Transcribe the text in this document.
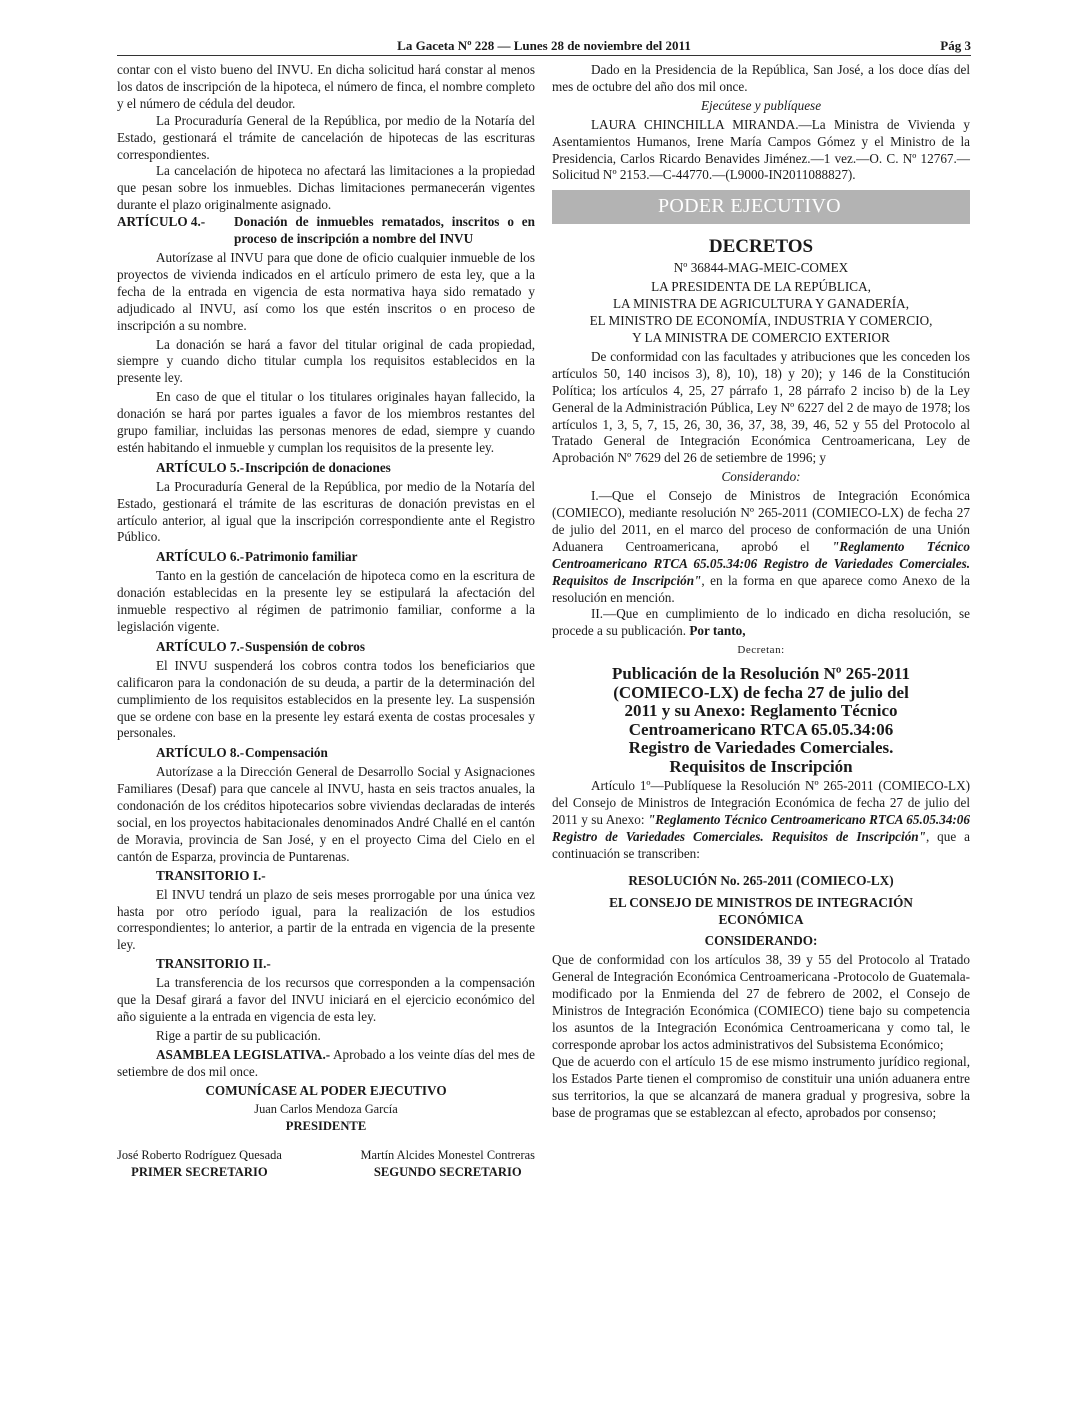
La Gaceta Nº 228 — Lunes 28 de noviembre del 2011	Pág 3

contar con el visto bueno del INVU. En dicha solicitud hará constar al menos los datos de inscripción de la hipoteca, el número de finca, el nombre completo y el número de cédula del deudor.

La Procuraduría General de la República, por medio de la Notaría del Estado, gestionará el trámite de cancelación de hipotecas de las escrituras correspondientes.

La cancelación de hipoteca no afectará las limitaciones a la propiedad que pesan sobre los inmuebles. Dichas limitaciones permanecerán vigentes durante el plazo originalmente asignado.

ARTÍCULO 4.-	Donación de inmuebles rematados, inscritos o en proceso de inscripción a nombre del INVU

Autorízase al INVU para que done de oficio cualquier inmueble de los proyectos de vivienda indicados en el artículo primero de esta ley, que a la fecha de la entrada en vigencia de esta normativa haya sido rematado y adjudicado al INVU, así como los que estén inscritos o en proceso de inscripción a su nombre.

La donación se hará a favor del titular original de cada propiedad, siempre y cuando dicho titular cumpla los requisitos establecidos en la presente ley.

En caso de que el titular o los titulares originales hayan fallecido, la donación se hará por partes iguales a favor de los miembros restantes del grupo familiar, incluidas las personas menores de edad, siempre y cuando estén habitando el inmueble y cumplan los requisitos de la presente ley.

ARTÍCULO 5.-Inscripción de donaciones

La Procuraduría General de la República, por medio de la Notaría del Estado, gestionará el trámite de las escrituras de donación previstas en el artículo anterior, al igual que la inscripción correspondiente ante el Registro Público.

ARTÍCULO 6.-Patrimonio familiar

Tanto en la gestión de cancelación de hipoteca como en la escritura de donación establecidas en la presente ley se estipulará la afectación del inmueble respectivo al régimen de patrimonio familiar, conforme a la legislación vigente.

ARTÍCULO 7.-Suspensión de cobros

El INVU suspenderá los cobros contra todos los beneficiarios que calificaron para la condonación de su deuda, a partir de la determinación del cumplimiento de los requisitos establecidos en la presente ley. La suspensión que se ordene con base en la presente ley estará exenta de costas procesales y personales.

ARTÍCULO 8.-Compensación

Autorízase a la Dirección General de Desarrollo Social y Asignaciones Familiares (Desaf) para que cancele al INVU, hasta en seis tractos anuales, la condonación de los créditos hipotecarios sobre viviendas declaradas de interés social, en los proyectos habitacionales denominados André Challé en el cantón de Moravia, provincia de San José, y en el proyecto Cima del Cielo en el cantón de Esparza, provincia de Puntarenas.

TRANSITORIO I.-

El INVU tendrá un plazo de seis meses prorrogable por una única vez hasta por otro período igual, para la realización de los estudios correspondientes; lo anterior, a partir de la entrada en vigencia de la presente ley.

TRANSITORIO II.-

La transferencia de los recursos que corresponden a la compensación que la Desaf girará a favor del INVU iniciará en el ejercicio económico del año siguiente a la entrada en vigencia de esta ley.

Rige a partir de su publicación.

ASAMBLEA LEGISLATIVA.- Aprobado a los veinte días del mes de setiembre de dos mil once.

COMUNÍCASE AL PODER EJECUTIVO

Juan Carlos Mendoza García

PRESIDENTE

José Roberto Rodríguez Quesada
PRIMER SECRETARIO
Martín Alcides Monestel Contreras
SEGUNDO SECRETARIO

Dado en la Presidencia de la República, San José, a los doce días del mes de octubre del año dos mil once.

Ejecútese y publíquese

LAURA CHINCHILLA MIRANDA.—La Ministra de Vivienda y Asentamientos Humanos, Irene María Campos Gómez y el Ministro de la Presidencia, Carlos Ricardo Benavides Jiménez.—1 vez.—O. C. Nº 12767.—Solicitud Nº 2153.—C-44770.—(L9000-IN2011088827).

PODER EJECUTIVO
DECRETOS

Nº 36844-MAG-MEIC-COMEX

LA PRESIDENTA DE LA REPÚBLICA,

LA MINISTRA DE AGRICULTURA Y GANADERÍA,

EL MINISTRO DE ECONOMÍA, INDUSTRIA Y COMERCIO,

Y LA MINISTRA DE COMERCIO EXTERIOR

De conformidad con las facultades y atribuciones que les conceden los artículos 50, 140 incisos 3), 8), 10), 18) y 20); y 146 de la Constitución Política; los artículos 4, 25, 27 párrafo 1, 28 párrafo 2 inciso b) de la Ley General de la Administración Pública, Ley Nº 6227 del 2 de mayo de 1978; los artículos 1, 3, 5, 7, 15, 26, 30, 36, 37, 38, 39, 46, 52 y 55 del Protocolo al Tratado General de Integración Económica Centroamericana, Ley de Aprobación Nº 7629 del 26 de setiembre de 1996; y

Considerando:

I.—Que el Consejo de Ministros de Integración Económica (COMIECO), mediante resolución Nº 265-2011 (COMIECO-LX) de fecha 27 de julio del 2011, en el marco del proceso de conformación de una Unión Aduanera Centroamericana, aprobó el "Reglamento Técnico Centroamericano RTCA 65.05.34:06 Registro de Variedades Comerciales. Requisitos de Inscripción", en la forma en que aparece como Anexo de la resolución en mención.

II.—Que en cumplimiento de lo indicado en dicha resolución, se procede a su publicación. Por tanto,

Decretan:

Publicación de la Resolución Nº 265-2011
(COMIECO-LX) de fecha 27 de julio del
2011 y su Anexo: Reglamento Técnico
Centroamericano RTCA 65.05.34:06
Registro de Variedades Comerciales.
Requisitos de Inscripción

Artículo 1º—Publíquese la Resolución Nº 265-2011 (COMIECO-LX) del Consejo de Ministros de Integración Económica de fecha 27 de julio del 2011 y su Anexo: "Reglamento Técnico Centroamericano RTCA 65.05.34:06 Registro de Variedades Comerciales. Requisitos de Inscripción", que a continuación se transcriben:

RESOLUCIÓN No. 265-2011 (COMIECO-LX)

EL CONSEJO DE MINISTROS DE INTEGRACIÓN ECONÓMICA

CONSIDERANDO:

Que de conformidad con los artículos 38, 39 y 55 del Protocolo al Tratado General de Integración Económica Centroamericana -Protocolo de Guatemala- modificado por la Enmienda del 27 de febrero de 2002, el Consejo de Ministros de Integración Económica (COMIECO) tiene bajo su competencia los asuntos de la Integración Económica Centroamericana y como tal, le corresponde aprobar los actos administrativos del Subsistema Económico;

Que de acuerdo con el artículo 15 de ese mismo instrumento jurídico regional, los Estados Parte tienen el compromiso de constituir una unión aduanera entre sus territorios, la que se alcanzará de manera gradual y progresiva, sobre la base de programas que se establezcan al efecto, aprobados por consenso;
